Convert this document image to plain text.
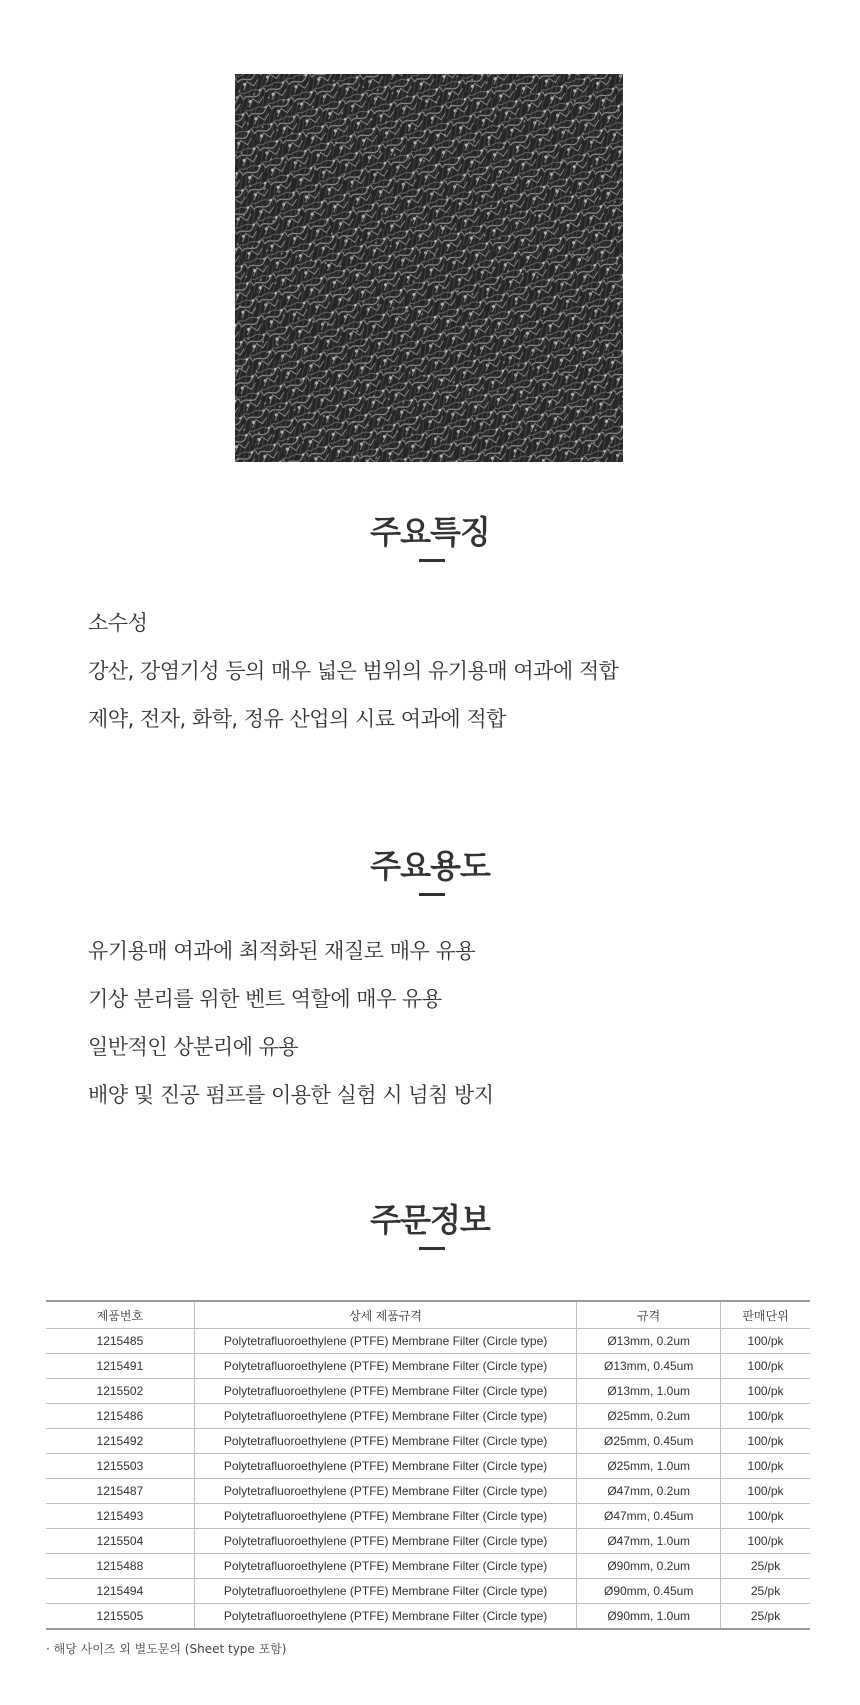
주요특징
소수성
강산, 강염기성 등의 매우 넓은 범위의 유기용매 여과에 적합
제약, 전자, 화학, 정유 산업의 시료 여과에 적합
주요용도
유기용매 여과에 최적화된 재질로 매우 유용
기상 분리를 위한 벤트 역할에 매우 유용
일반적인 상분리에 유용
배양 및 진공 펌프를 이용한 실험 시 넘침 방지
주문정보
제품번호	상세 제품규격	규격	판매단위
1215485	Polytetrafluoroethylene (PTFE) Membrane Filter (Circle type)	Ø13mm, 0.2um	100/pk
1215491	Polytetrafluoroethylene (PTFE) Membrane Filter (Circle type)	Ø13mm, 0.45um	100/pk
1215502	Polytetrafluoroethylene (PTFE) Membrane Filter (Circle type)	Ø13mm, 1.0um	100/pk
1215486	Polytetrafluoroethylene (PTFE) Membrane Filter (Circle type)	Ø25mm, 0.2um	100/pk
1215492	Polytetrafluoroethylene (PTFE) Membrane Filter (Circle type)	Ø25mm, 0.45um	100/pk
1215503	Polytetrafluoroethylene (PTFE) Membrane Filter (Circle type)	Ø25mm, 1.0um	100/pk
1215487	Polytetrafluoroethylene (PTFE) Membrane Filter (Circle type)	Ø47mm, 0.2um	100/pk
1215493	Polytetrafluoroethylene (PTFE) Membrane Filter (Circle type)	Ø47mm, 0.45um	100/pk
1215504	Polytetrafluoroethylene (PTFE) Membrane Filter (Circle type)	Ø47mm, 1.0um	100/pk
1215488	Polytetrafluoroethylene (PTFE) Membrane Filter (Circle type)	Ø90mm, 0.2um	25/pk
1215494	Polytetrafluoroethylene (PTFE) Membrane Filter (Circle type)	Ø90mm, 0.45um	25/pk
1215505	Polytetrafluoroethylene (PTFE) Membrane Filter (Circle type)	Ø90mm, 1.0um	25/pk

· 해당 사이즈 외 별도문의 (Sheet type 포함)
